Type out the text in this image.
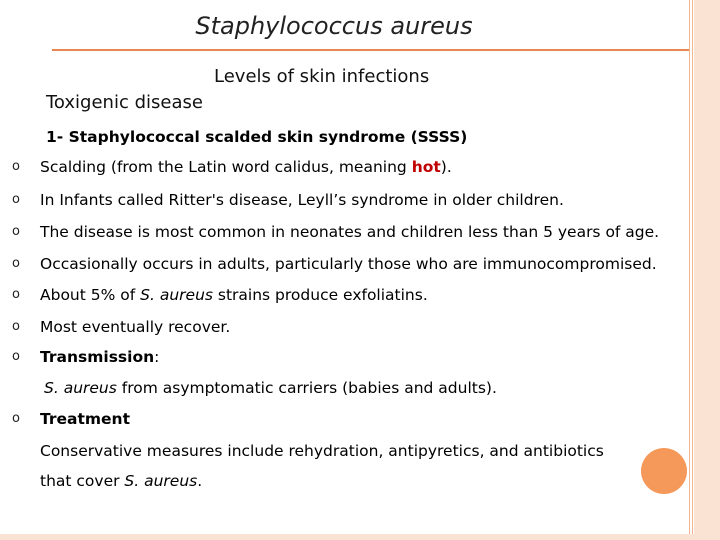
Staphylococcus aureus
Levels of skin infections
Toxigenic disease
1- Staphylococcal scalded skin syndrome (SSSS)
o Scalding (from the Latin word calidus, meaning hot).
o In Infants called Ritter's disease, Leyll’s syndrome in older children.
o The disease is most common in neonates and children less than 5 years of age.
o Occasionally occurs in adults, particularly those who are immunocompromised.
o About 5% of S. aureus strains produce exfoliatins.
o Most eventually recover.
o Transmission:
o Treatment
S. aureus from asymptomatic carriers (babies and adults).
Conservative measures include rehydration, antipyretics, and antibiotics
that cover S. aureus.
